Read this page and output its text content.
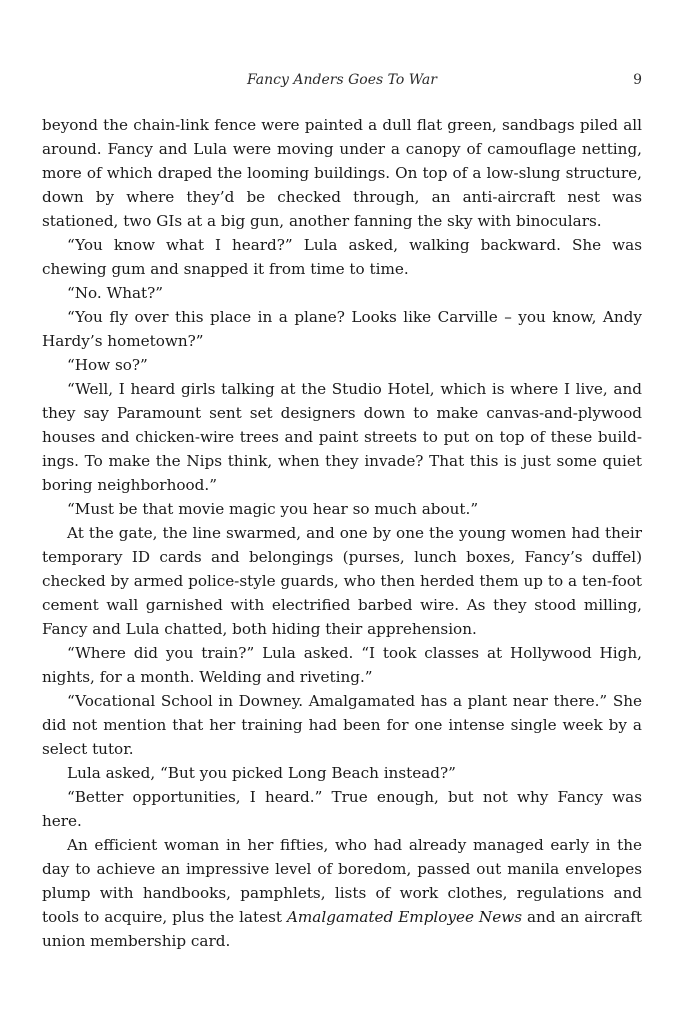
Fancy Anders Goes To War	9

beyond the chain-link fence were painted a dull flat green, sandbags piled all around. Fancy and Lula were moving under a canopy of camouflage netting, more of which draped the looming buildings. On top of a low-slung structure, down by where they’d be checked through, an anti-aircraft nest was stationed, two GIs at a big gun, another fanning the sky with binoculars.

“You know what I heard?” Lula asked, walking backward. She was chewing gum and snapped it from time to time.

“No. What?”

“You fly over this place in a plane? Looks like Carville – you know, Andy Hardy’s hometown?”

“How so?”

“Well, I heard girls talking at the Studio Hotel, which is where I live, and they say Paramount sent set designers down to make canvas-and-plywood houses and chicken-wire trees and paint streets to put on top of these buildings. To make the Nips think, when they invade? That this is just some quiet boring neighborhood.”

“Must be that movie magic you hear so much about.”

At the gate, the line swarmed, and one by one the young women had their temporary ID cards and belongings (purses, lunch boxes, Fancy’s duffel) checked by armed police-style guards, who then herded them up to a ten-foot cement wall garnished with electrified barbed wire. As they stood milling, Fancy and Lula chatted, both hiding their apprehension.

“Where did you train?” Lula asked. “I took classes at Hollywood High, nights, for a month. Welding and riveting.”

“Vocational School in Downey. Amalgamated has a plant near there.” She did not mention that her training had been for one intense single week by a select tutor.

Lula asked, “But you picked Long Beach instead?”

“Better opportunities, I heard.” True enough, but not why Fancy was here.

An efficient woman in her fifties, who had already managed early in the day to achieve an impressive level of boredom, passed out manila envelopes plump with handbooks, pamphlets, lists of work clothes, regulations and tools to acquire, plus the latest Amalgamated Employee News and an aircraft union membership card.
